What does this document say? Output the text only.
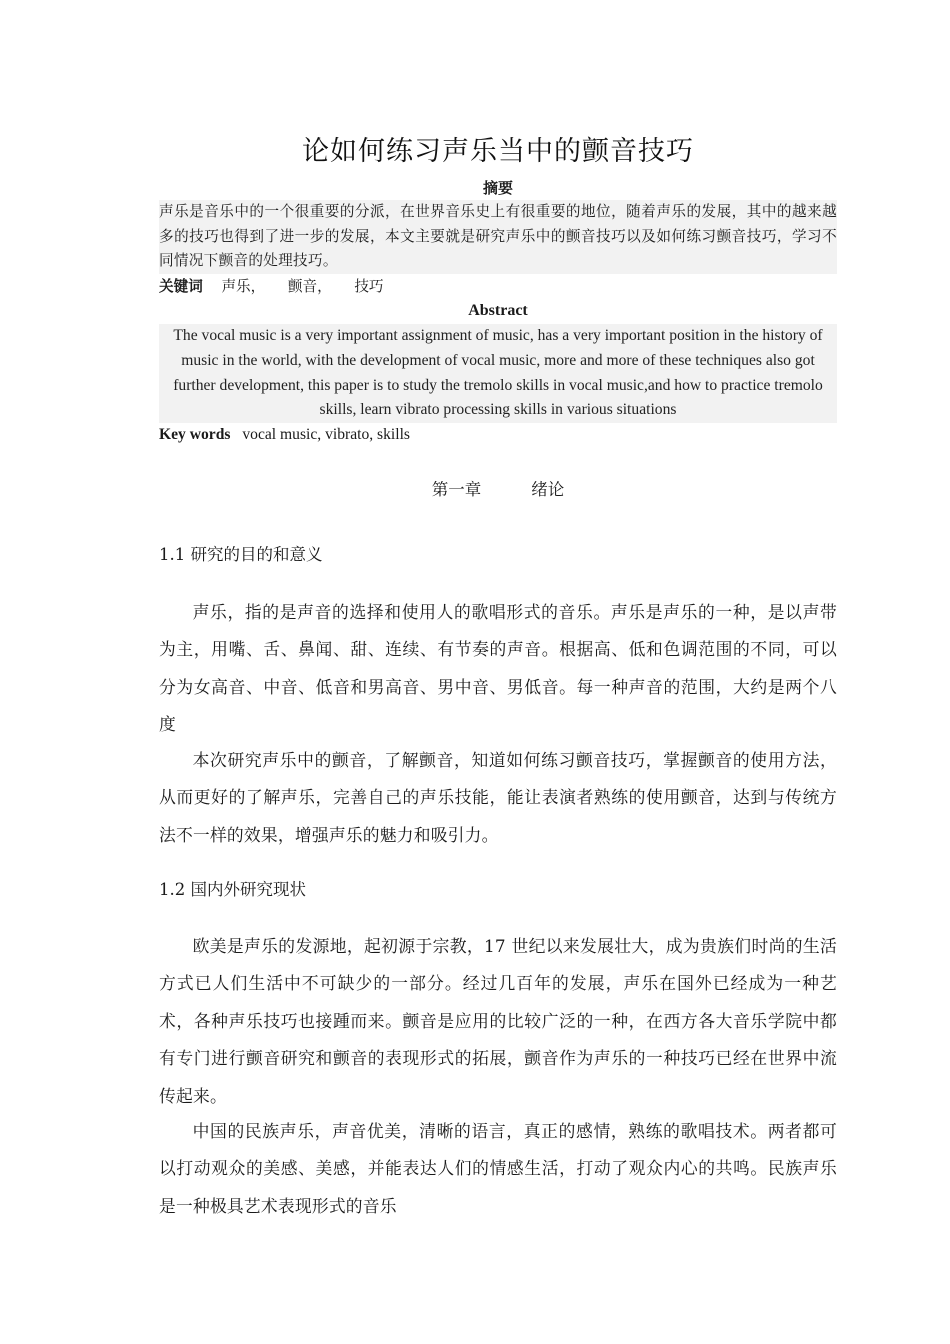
论如何练习声乐当中的颤音技巧
摘要

声乐是音乐中的一个很重要的分派，在世界音乐史上有很重要的地位，随着声乐的发展，其中的越来越多的技巧也得到了进一步的发展，本文主要就是研究声乐中的颤音技巧以及如何练习颤音技巧，学习不同情况下颤音的处理技巧。

关键词 声乐， 颤音， 技巧
Abstract

The vocal music is a very important assignment of music, has a very important position in the history of music in the world, with the development of vocal music, more and more of these techniques also got further development, this paper is to study the tremolo skills in vocal music,and how to practice tremolo skills, learn vibrato processing skills in various situations

Key words vocal music, vibrato, skills
第一章	绪论
1.1 研究的目的和意义

声乐，指的是声音的选择和使用人的歌唱形式的音乐。声乐是声乐的一种，是以声带为主，用嘴、舌、鼻闻、甜、连续、有节奏的声音。根据高、低和色调范围的不同，可以分为女高音、中音、低音和男高音、男中音、男低音。每一种声音的范围，大约是两个八度

本次研究声乐中的颤音，了解颤音，知道如何练习颤音技巧，掌握颤音的使用方法，从而更好的了解声乐，完善自己的声乐技能，能让表演者熟练的使用颤音，达到与传统方法不一样的效果，增强声乐的魅力和吸引力。

1.2 国内外研究现状

欧美是声乐的发源地，起初源于宗教，17 世纪以来发展壮大，成为贵族们时尚的生活方式已人们生活中不可缺少的一部分。经过几百年的发展，声乐在国外已经成为一种艺术，各种声乐技巧也接踵而来。颤音是应用的比较广泛的一种，在西方各大音乐学院中都有专门进行颤音研究和颤音的表现形式的拓展，颤音作为声乐的一种技巧已经在世界中流传起来。

中国的民族声乐，声音优美，清晰的语言，真正的感情，熟练的歌唱技术。两者都可以打动观众的美感、美感，并能表达人们的情感生活，打动了观众内心的共鸣。民族声乐是一种极具艺术表现形式的音乐
